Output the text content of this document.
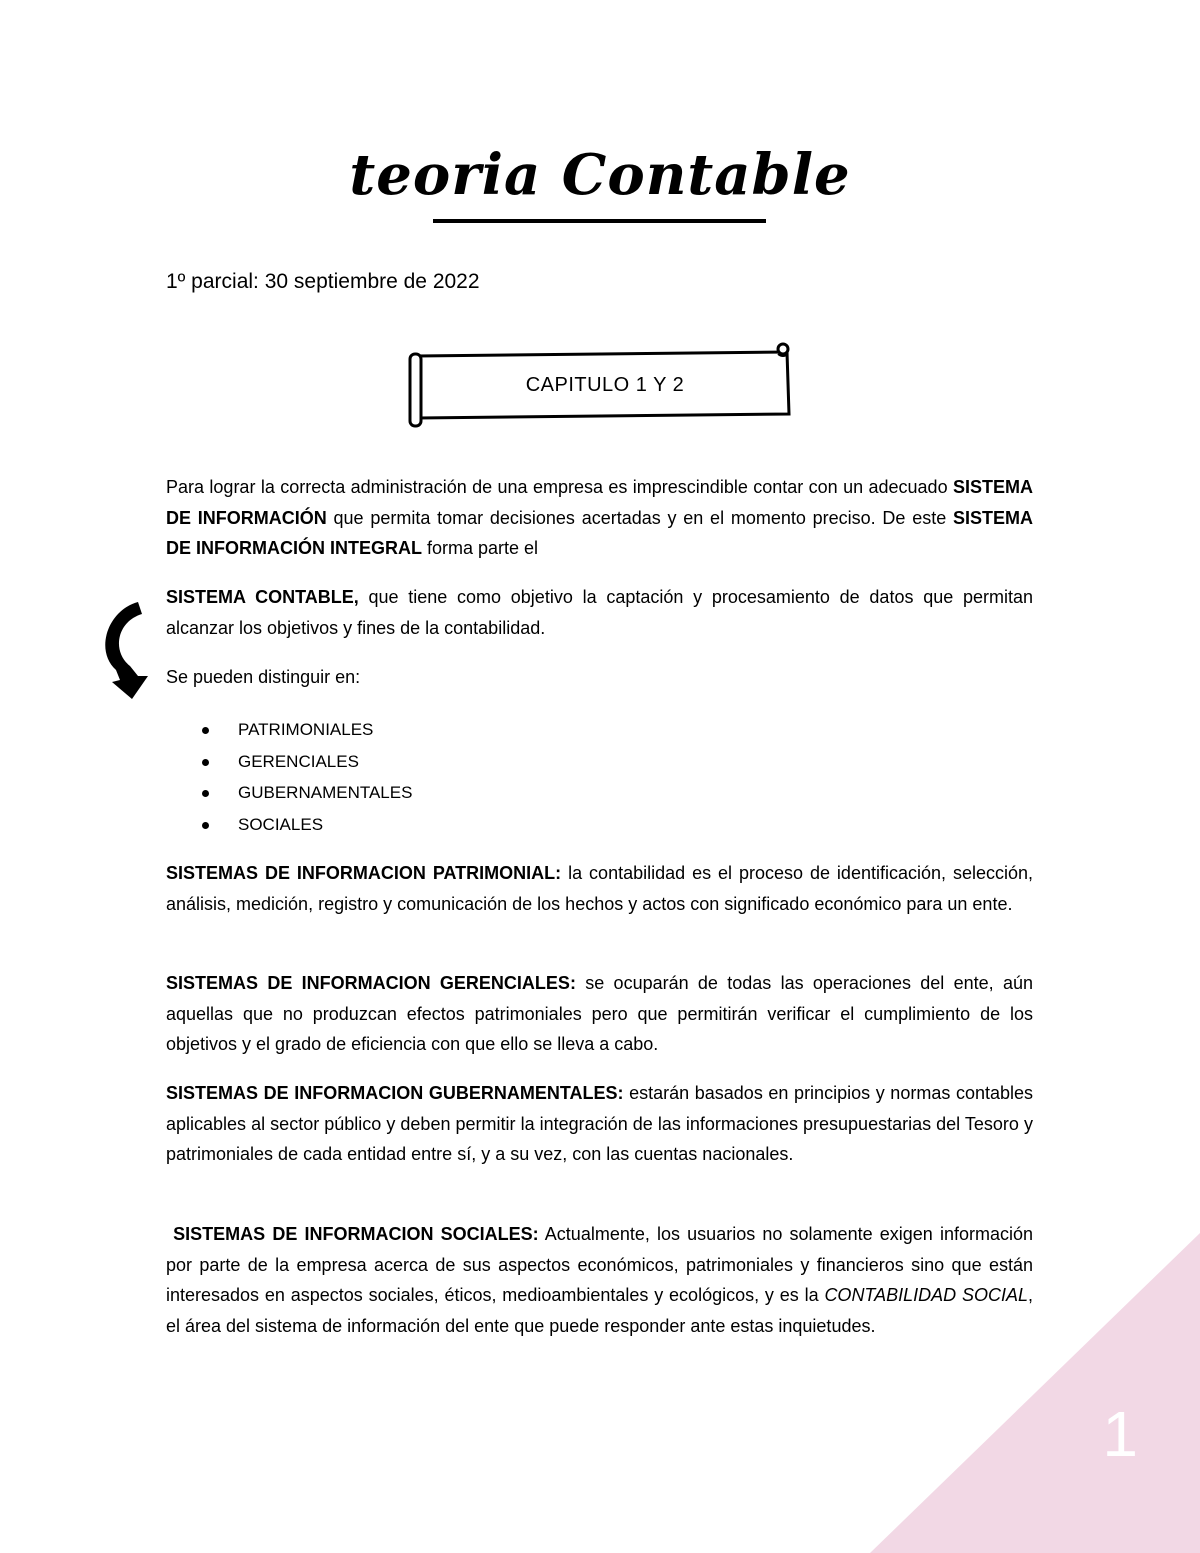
1
teoria Contable
1º parcial: 30 septiembre de 2022
CAPITULO 1 Y 2

Para lograr la correcta administración de una empresa es imprescindible contar con un adecuado SISTEMA DE INFORMACIÓN que permita tomar decisiones acertadas y en el momento preciso. De este SISTEMA DE INFORMACIÓN INTEGRAL forma parte el

SISTEMA CONTABLE, que tiene como objetivo la captación y procesamiento de datos que permitan alcanzar los objetivos y fines de la contabilidad.

Se pueden distinguir en:

PATRIMONIALES
GERENCIALES
GUBERNAMENTALES
SOCIALES

SISTEMAS DE INFORMACION PATRIMONIAL: la contabilidad es el proceso de identificación, selección, análisis, medición, registro y comunicación de los hechos y actos con significado económico para un ente.

SISTEMAS DE INFORMACION GERENCIALES: se ocuparán de todas las operaciones del ente, aún aquellas que no produzcan efectos patrimoniales pero que permitirán verificar el cumplimiento de los objetivos y el grado de eficiencia con que ello se lleva a cabo.

SISTEMAS DE INFORMACION GUBERNAMENTALES: estarán basados en principios y normas contables aplicables al sector público y deben permitir la integración de las informaciones presupuestarias del Tesoro y patrimoniales de cada entidad entre sí, y a su vez, con las cuentas nacionales.

SISTEMAS DE INFORMACION SOCIALES: Actualmente, los usuarios no solamente exigen información por parte de la empresa acerca de sus aspectos económicos, patrimoniales y financieros sino que están interesados en aspectos sociales, éticos, medioambientales y ecológicos, y es la CONTABILIDAD SOCIAL, el área del sistema de información del ente que puede responder ante estas inquietudes.
